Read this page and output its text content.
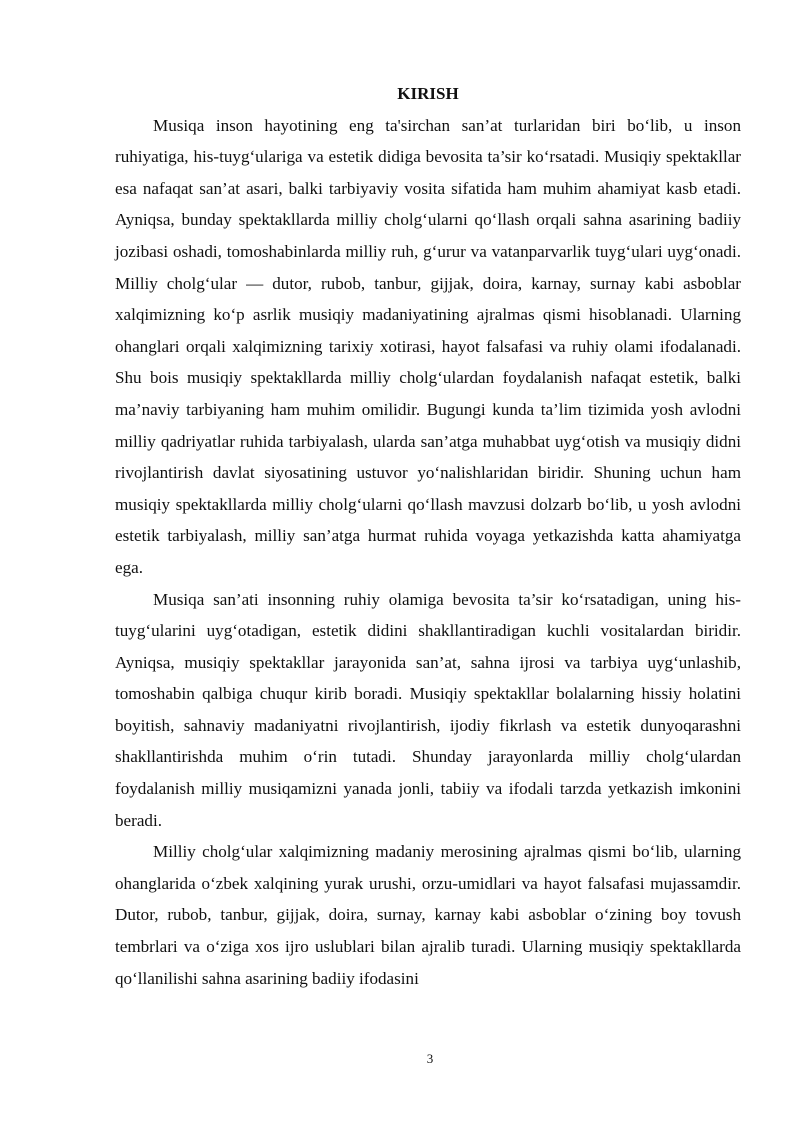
KIRISH

Musiqa inson hayotining eng ta'sirchan san’at turlaridan biri bo‘lib, u inson ruhiyatiga, his-tuyg‘ulariga va estetik didiga bevosita ta’sir ko‘rsatadi. Musiqiy spektakllar esa nafaqat san’at asari, balki tarbiyaviy vosita sifatida ham muhim ahamiyat kasb etadi. Ayniqsa, bunday spektakllarda milliy cholg‘ularni qo‘llash orqali sahna asarining badiiy jozibasi oshadi, tomoshabinlarda milliy ruh, g‘urur va vatanparvarlik tuyg‘ulari uyg‘onadi. Milliy cholg‘ular — dutor, rubob, tanbur, gijjak, doira, karnay, surnay kabi asboblar xalqimizning ko‘p asrlik musiqiy madaniyatining ajralmas qismi hisoblanadi. Ularning ohanglari orqali xalqimizning tarixiy xotirasi, hayot falsafasi va ruhiy olami ifodalanadi. Shu bois musiqiy spektakllarda milliy cholg‘ulardan foydalanish nafaqat estetik, balki ma’naviy tarbiyaning ham muhim omilidir. Bugungi kunda ta’lim tizimida yosh avlodni milliy qadriyatlar ruhida tarbiyalash, ularda san’atga muhabbat uyg‘otish va musiqiy didni rivojlantirish davlat siyosatining ustuvor yo‘nalishlaridan biridir. Shuning uchun ham musiqiy spektakllarda milliy cholg‘ularni qo‘llash mavzusi dolzarb bo‘lib, u yosh avlodni estetik tarbiyalash, milliy san’atga hurmat ruhida voyaga yetkazishda katta ahamiyatga ega.

Musiqa san’ati insonning ruhiy olamiga bevosita ta’sir ko‘rsatadigan, uning his-tuyg‘ularini uyg‘otadigan, estetik didini shakllantiradigan kuchli vositalardan biridir. Ayniqsa, musiqiy spektakllar jarayonida san’at, sahna ijrosi va tarbiya uyg‘unlashib, tomoshabin qalbiga chuqur kirib boradi. Musiqiy spektakllar bolalarning hissiy holatini boyitish, sahnaviy madaniyatni rivojlantirish, ijodiy fikrlash va estetik dunyoqarashni shakllantirishda muhim o‘rin tutadi. Shunday jarayonlarda milliy cholg‘ulardan foydalanish milliy musiqamizni yanada jonli, tabiiy va ifodali tarzda yetkazish imkonini beradi.

Milliy cholg‘ular xalqimizning madaniy merosining ajralmas qismi bo‘lib, ularning ohanglarida o‘zbek xalqining yurak urushi, orzu-umidlari va hayot falsafasi mujassamdir. Dutor, rubob, tanbur, gijjak, doira, surnay, karnay kabi asboblar o‘zining boy tovush tembrlari va o‘ziga xos ijro uslublari bilan ajralib turadi. Ularning musiqiy spektakllarda qo‘llanilishi sahna asarining badiiy ifodasini

3
